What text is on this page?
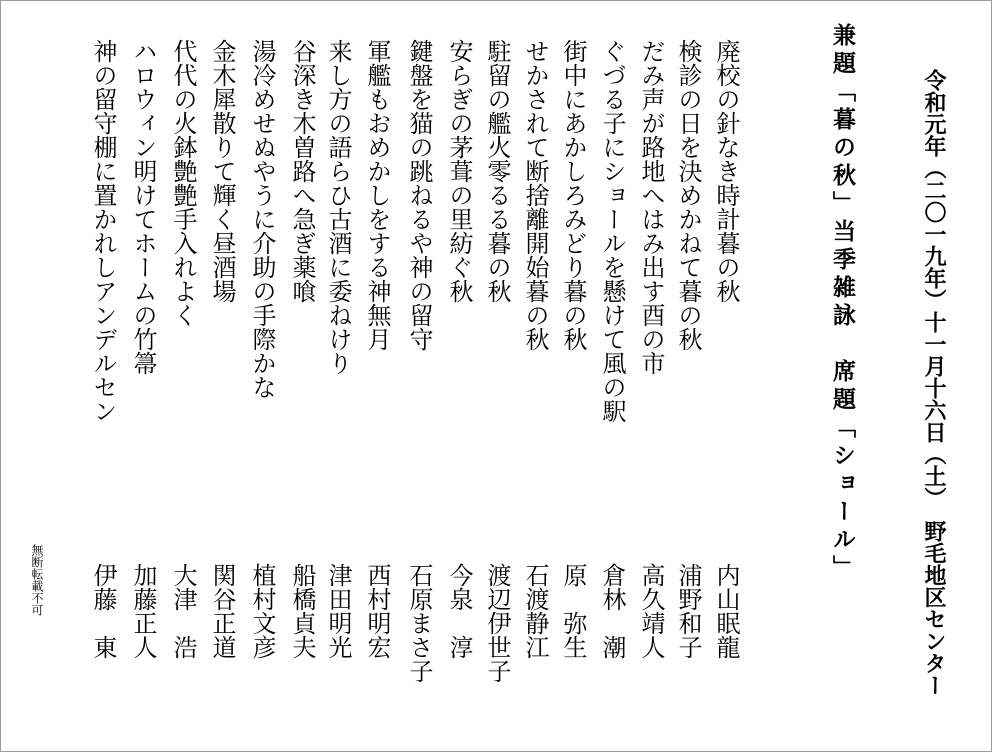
令和元年（二〇一九年）十一月十六日（土）　野毛地区センター
兼題「暮の秋」当季雑詠　席題「ショール」
廃校の針なき時計暮の秋
内山眠龍
検診の日を決めかねて暮の秋
浦野和子
だみ声が路地へはみ出す酉の市
高久靖人
ぐづる子にショールを懸けて風の駅
倉林　潮
街中にあかしろみどり暮の秋
原　弥生
せかされて断捨離開始暮の秋
石渡静江
駐留の艦火零るる暮の秋
渡辺伊世子
安らぎの茅葺の里紡ぐ秋
今泉　淳
鍵盤を猫の跳ねるや神の留守
石原まさ子
軍艦もおめかしをする神無月
西村明宏
来し方の語らひ古酒に委ねけり
津田明光
谷深き木曽路へ急ぎ薬喰
船橋貞夫
湯冷めせぬやうに介助の手際かな
植村文彦
金木犀散りて輝く昼酒場
関谷正道
代代の火鉢艶艶手入れよく
大津　浩
ハロウィン明けてホームの竹箒
加藤正人
神の留守棚に置かれしアンデルセン
伊藤　東
無断転載不可
